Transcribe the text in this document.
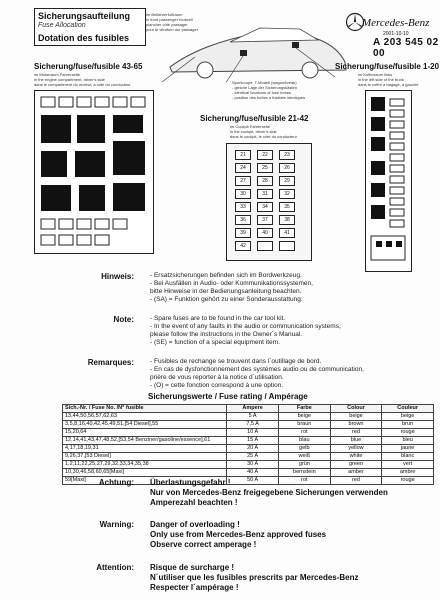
Sicherungsaufteilung
Fuse Allocation
Dotation des fusibles
im Beifahrerfußraum
in front passenger footwell
plancher côté passager
pour le vitrafum dur passager
Mercedes-Benz
2001-10-10
A 203 545 02 00
Sicherung/fuse/fusible 43-65
im Motorraum Fahrerseite
in the engine compartment, driver's side
dans le compartiment du moteur, à côté du conducteur	Sportcoupé, T-Modell (wagon/break)
- gleiche Lage der Sicherungskästen
- identical locations of fuse boxes
- position des boîtes à fusibles identiques
Sicherung/fuse/fusible 1-20
im Kofferraum links
in the left side of the trunk
dans le coffre à bagage, à gauche
Sicherung/fuse/fusible 21-42
im Cockpit Fahrerseite
in the cockpit, driver's side
dans le cockpit, le côté du conducteur
21	22	23
24	25	26
27	28	29
30	31	32
33	34	35
36	37	38
39	40	41
42
Hinweis: - Ersatzsicherungen befinden sich im Bordwerkzeug.
- Bei Ausfällen in Audio- oder Kommunikationssystemen,
bitte Hinweise in der Bedienungsanleitung beachten.
- (SA) = Funktion gehört zu einer Sonderausstattung.
Note: - Spare fuses are to be found in the car tool kit.
- In the event of any faults in the audio or communication systems,
please follow the instructions in the Owner´s Manual.
- (SE) = function of a special equipment item.
Remarques: - Fusibles de rechange se trouvent dans l´outillage de bord.
- En cas de dysfonctionnement des systèmes audio ou de communication,
prière de vous reporter à la notice d´utilisation.
- (O) = cette fonction correspond à une option.
Sicherungswerte / Fuse rating / Ampérage
Sich.-Nr. / Fuse No. /N° fusible	Ampere	Farbe	Colour	Couleur
13,44,50,56,57,62,63	5 A	beige	beige	beige
3,5,8,16,40,42,45,49,51,[54 Diesel],55	7,5 A	braun	brown	brun
15,20,64	10 A	rot	red	rouge
12,14,41,43,47,48,52,[53,54 Benziner/gasoline/essence],61	15 A	blau	blue	bleu
4,17,18,19,31	20 A	gelb	yellow	jaune
9,26,37,[53 Diesel]	25 A	weiß	white	blanc
1,2,11,22,25,27,29,32,33,34,35,38	30 A	grün	green	vert
10,30,46,58,60,65[Maxi]	40 A	bernstein	amber	ambre
59[Maxi]	50 A	rot	red	rouge
Achtung: Überlastungsgefahr !
Nur von Mercedes-Benz freigegebene Sicherungen verwenden
Amperezahl beachten !
Warning: Danger of overloading !
Only use from Mercedes-Benz approved fuses
Observe correct amperage !
Attention: Risque de surcharge !
N´utiliser que les fusibles prescrits par Mercedes-Benz
Respecter l´ampérage !
